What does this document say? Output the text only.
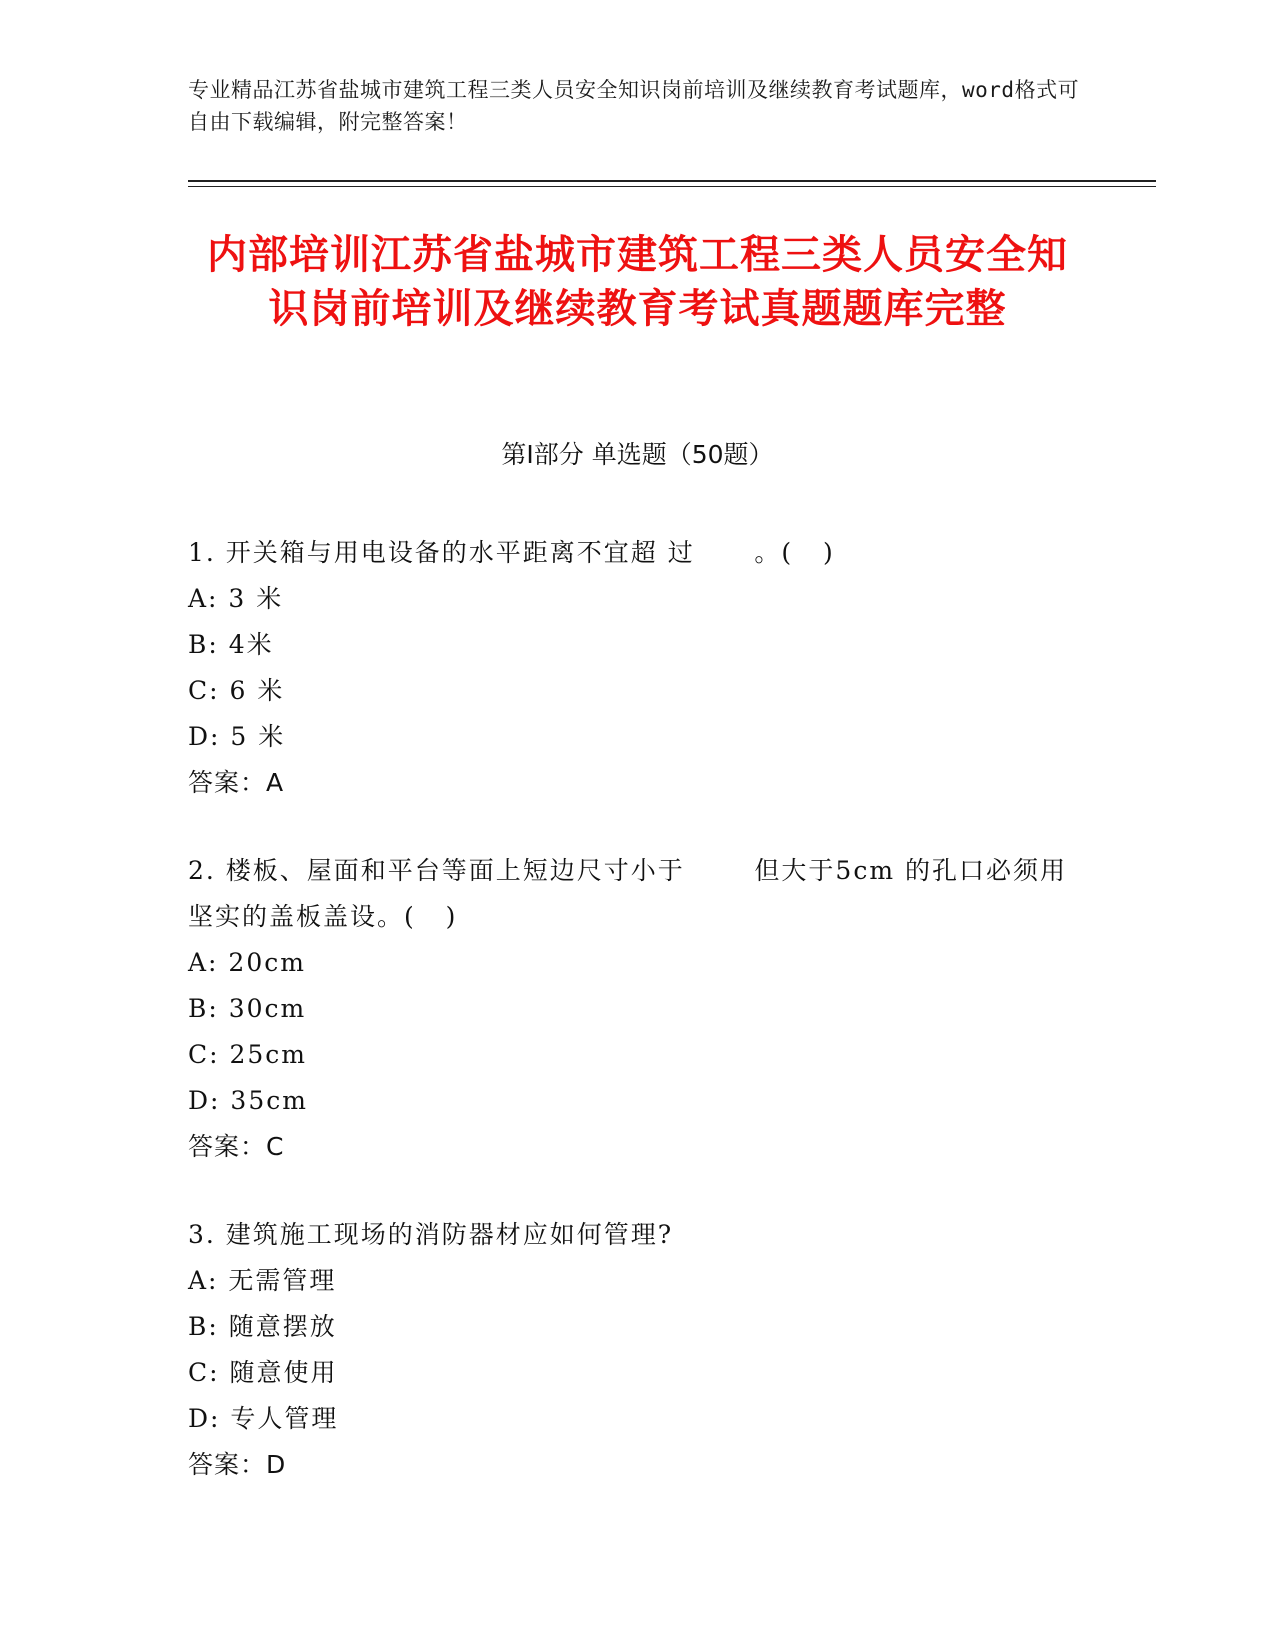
专业精品江苏省盐城市建筑工程三类人员安全知识岗前培训及继续教育考试题库，word格式可自由下载编辑，附完整答案！
内部培训江苏省盐城市建筑工程三类人员安全知识岗前培训及继续教育考试真题题库完整
第Ⅰ部分 单选题（50题）
1. 开关箱与用电设备的水平距离不宜超 过      。(   )
A: 3 米
B: 4米
C: 6 米
D: 5 米
答案：A
2. 楼板、屋面和平台等面上短边尺寸小于       但大于5cm 的孔口必须用坚实的盖板盖设。(   )
A: 20cm
B: 30cm
C: 25cm
D: 35cm
答案：C
3. 建筑施工现场的消防器材应如何管理?
A: 无需管理
B: 随意摆放
C: 随意使用
D: 专人管理
答案：D
